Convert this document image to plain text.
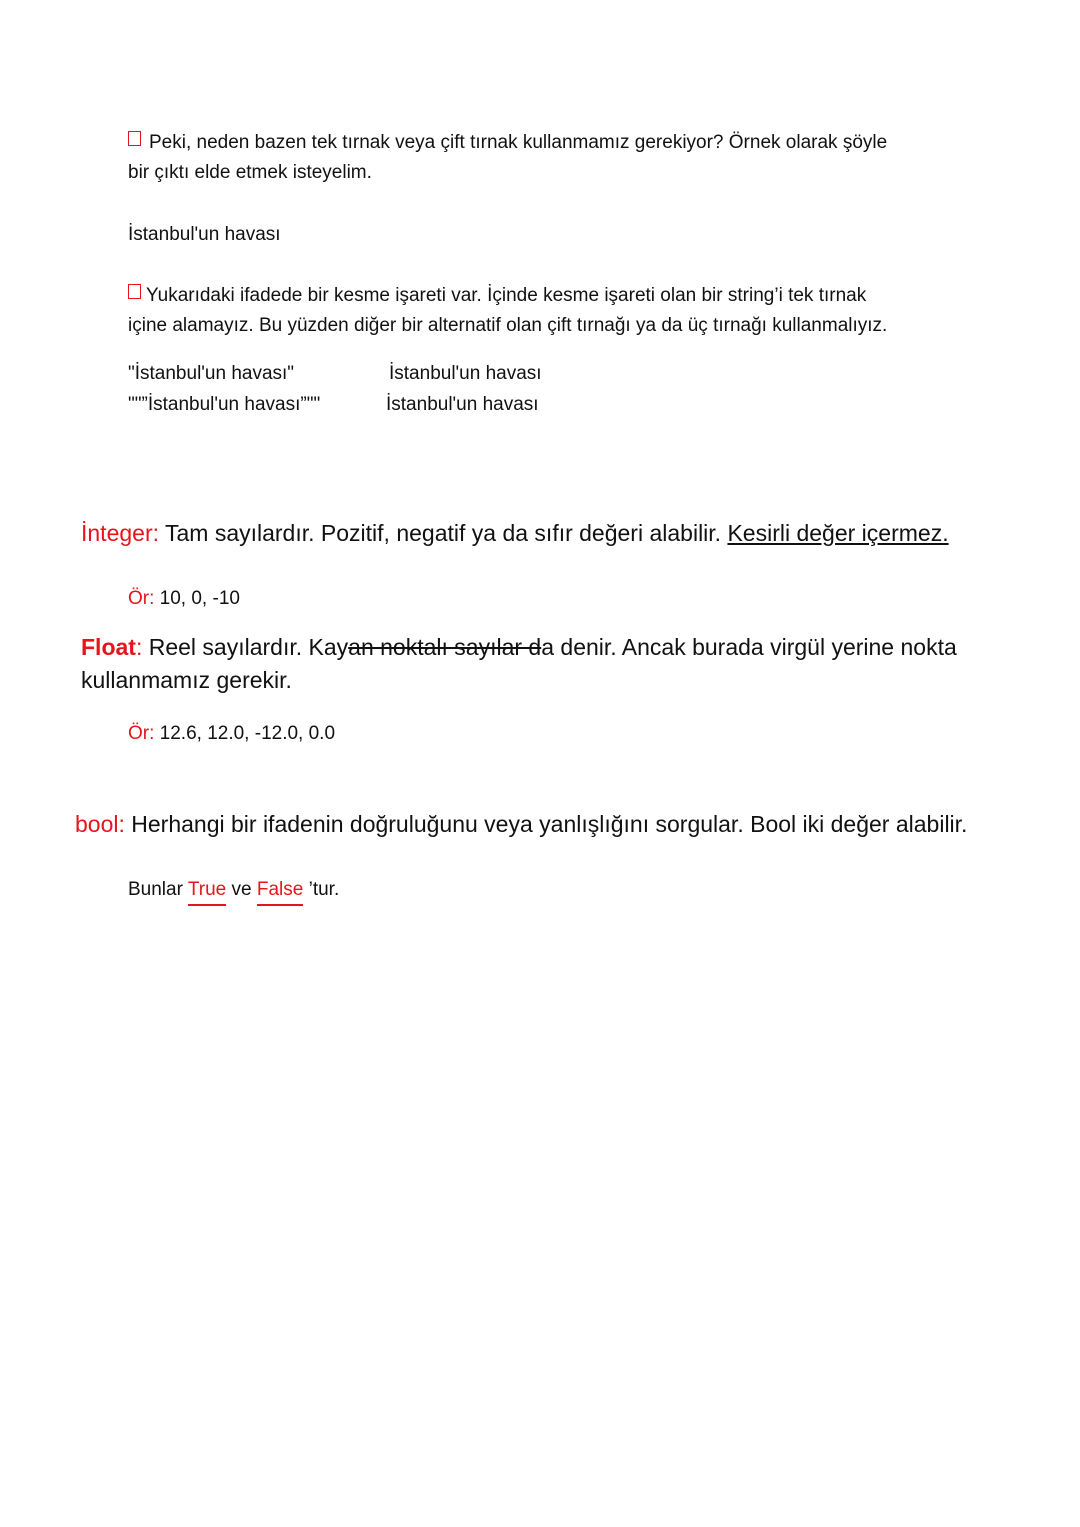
Peki, neden bazen tek tırnak veya çift tırnak kullanmamız gerekiyor? Örnek olarak şöyle
bir çıktı elde etmek isteyelim.
İstanbul'un havası
Yukarıdaki ifadede bir kesme işareti var. İçinde kesme işareti olan bir string’i tek tırnak
içine alamayız. Bu yüzden diğer bir alternatif olan çift tırnağı ya da üç tırnağı kullanmalıyız.
"İstanbul'un havası"	İstanbul'un havası
""”İstanbul'un havası”""	İstanbul'un havası
İnteger: Tam sayılardır. Pozitif, negatif ya da sıfır değeri alabilir. Kesirli değer içermez.
Ör: 10, 0, -10
Float: Reel sayılardır. Kayan noktalı sayılar da denir. Ancak burada virgül yerine nokta
kullanmamız gerekir.
Ör: 12.6, 12.0, -12.0, 0.0
bool: Herhangi bir ifadenin doğruluğunu veya yanlışlığını sorgular. Bool iki değer alabilir.
Bunlar True ve False ’tur.
